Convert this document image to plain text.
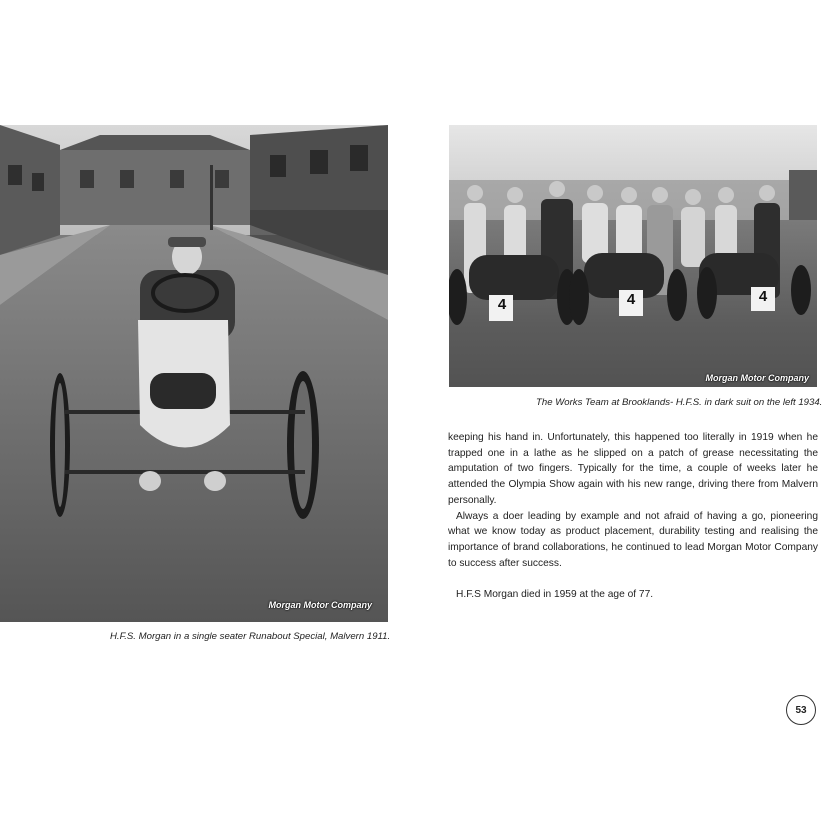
Morgan Motor Company
H.F.S. Morgan in a single seater Runabout Special, Malvern 1911.
4	4	4
Morgan Motor Company
The Works Team at Brooklands- H.F.S. in dark suit on the left 1934.

keeping his hand in. Unfortunately, this happened too literally in 1919 when he trapped one in a lathe as he slipped on a patch of grease necessitating the amputation of two fingers. Typically for the time, a couple of weeks later he attended the Olympia Show again with his new range, driving there from Malvern personally.

Always a doer leading by example and not afraid of having a go, pioneering what we know today as product placement, durability testing and realising the importance of brand collaborations, he continued to lead Morgan Motor Company to success after success.

H.F.S Morgan died in 1959 at the age of 77.

53
